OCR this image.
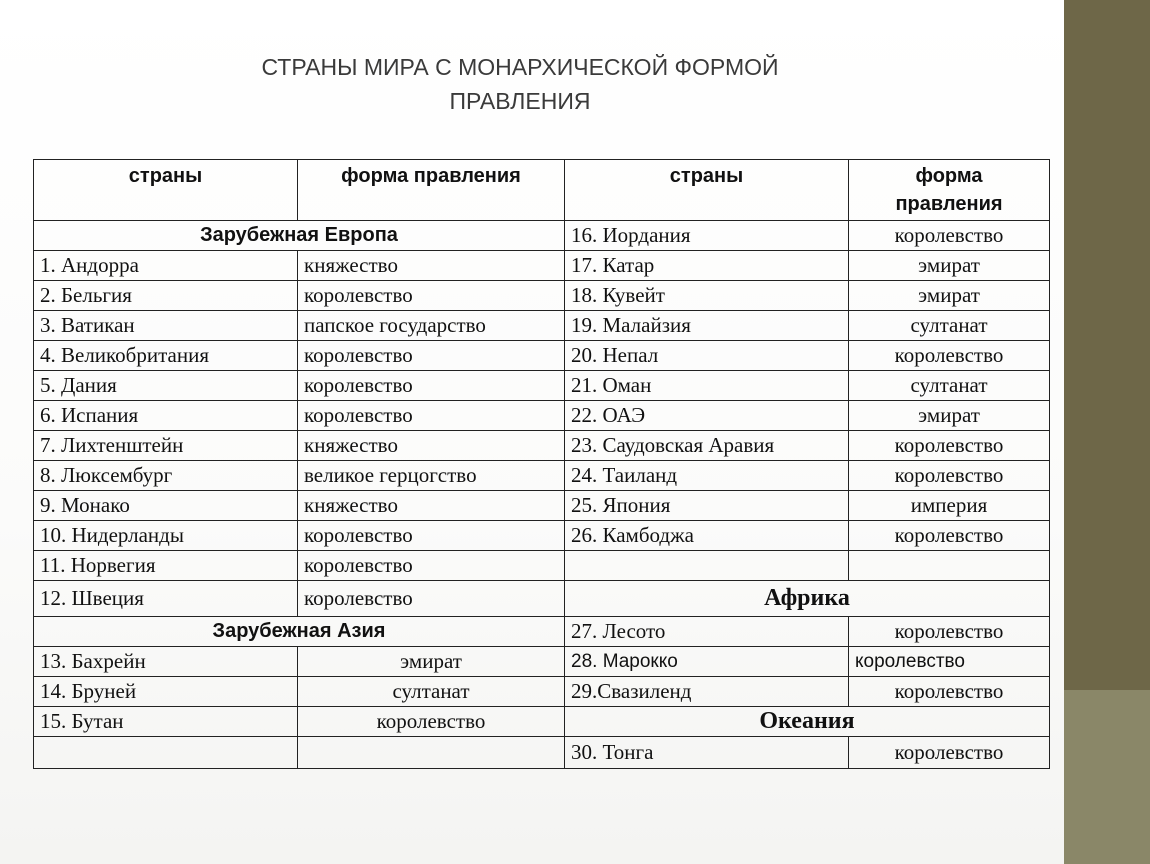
СТРАНЫ МИРА С МОНАРХИЧЕСКОЙ ФОРМОЙ
ПРАВЛЕНИЯ
страны	форма правления	страны	форма
правления
Зарубежная Европа		16. Иордания	королевство
1. Андорра	княжество	17. Катар	эмират
2. Бельгия	королевство	18. Кувейт	эмират
3. Ватикан	папское государство	19. Малайзия	султанат
4. Великобритания	королевство	20. Непал	королевство
5. Дания	королевство	21. Оман	султанат
6. Испания	королевство	22. ОАЭ	эмират
7. Лихтенштейн	княжество	23. Саудовская Аравия	королевство
8. Люксембург	великое герцогство	24. Таиланд	королевство
9. Монако	княжество	25. Япония	империя
10. Нидерланды	королевство	26. Камбоджа	королевство
11. Норвегия	королевство		
12. Швеция	королевство	Африка	
Зарубежная Азия		27. Лесото	королевство
13. Бахрейн	эмират	28. Марокко	королевство
14. Бруней	султанат	29.Свазиленд	королевство
15. Бутан	королевство	Океания	
		30. Тонга	королевство
